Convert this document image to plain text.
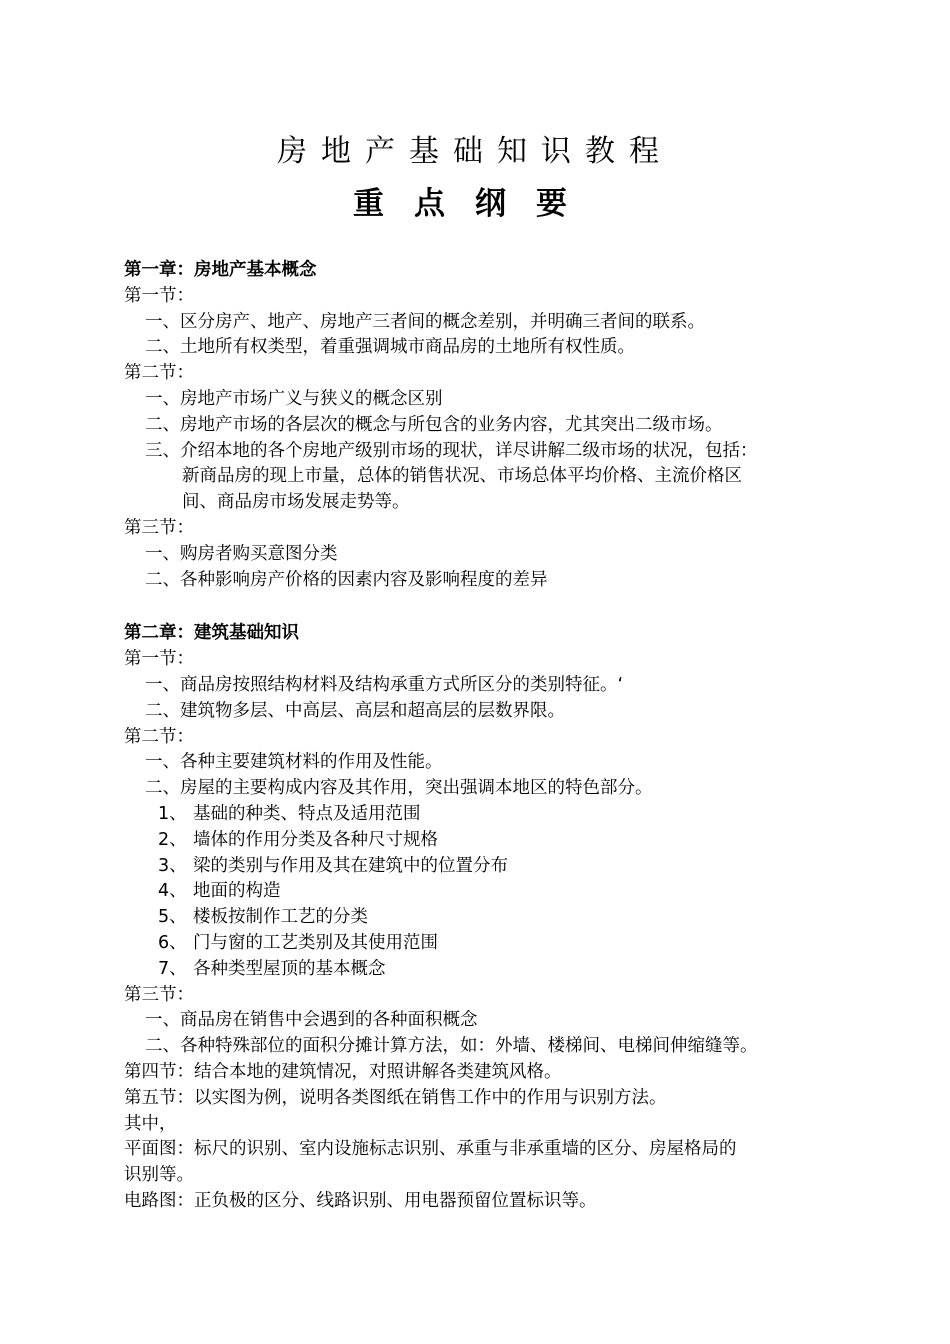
房地产基础知识教程
重点纲要
第一章：房地产基本概念
第一节：
一、区分房产、地产、房地产三者间的概念差别，并明确三者间的联系。
二、土地所有权类型，着重强调城市商品房的土地所有权性质。
第二节：
一、房地产市场广义与狭义的概念区别
二、房地产市场的各层次的概念与所包含的业务内容，尤其突出二级市场。
三、介绍本地的各个房地产级别市场的现状，详尽讲解二级市场的状况，包括：
新商品房的现上市量，总体的销售状况、市场总体平均价格、主流价格区
间、商品房市场发展走势等。
第三节：
一、购房者购买意图分类
二、各种影响房产价格的因素内容及影响程度的差异
第二章：建筑基础知识
第一节：
一、商品房按照结构材料及结构承重方式所区分的类别特征。‘
二、建筑物多层、中高层、高层和超高层的层数界限。
第二节：
一、各种主要建筑材料的作用及性能。
二、房屋的主要构成内容及其作用，突出强调本地区的特色部分。
1、 基础的种类、特点及适用范围
2、 墙体的作用分类及各种尺寸规格
3、 梁的类别与作用及其在建筑中的位置分布
4、 地面的构造
5、 楼板按制作工艺的分类
6、 门与窗的工艺类别及其使用范围
7、 各种类型屋顶的基本概念
第三节：
一、商品房在销售中会遇到的各种面积概念
二、各种特殊部位的面积分摊计算方法，如：外墙、楼梯间、电梯间伸缩缝等。
第四节：结合本地的建筑情况，对照讲解各类建筑风格。
第五节：以实图为例，说明各类图纸在销售工作中的作用与识别方法。
其中，
平面图：标尺的识别、室内设施标志识别、承重与非承重墙的区分、房屋格局的
识别等。
电路图：正负极的区分、线路识别、用电器预留位置标识等。
